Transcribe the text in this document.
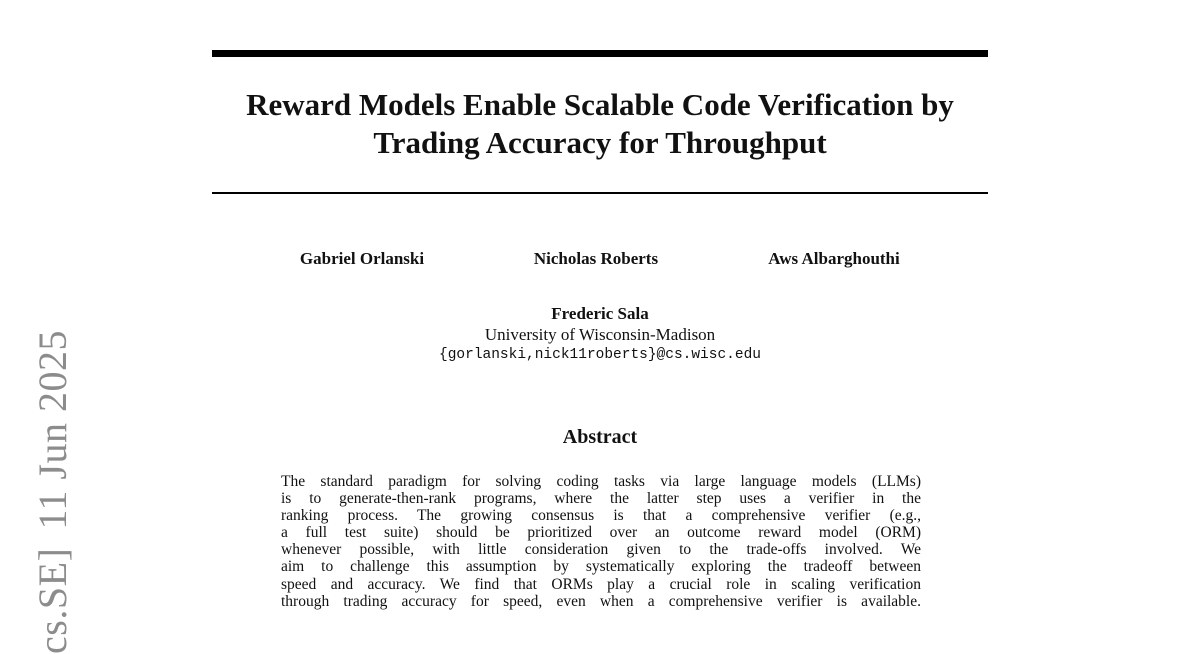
cs.SE]11 Jun 2025
Reward Models Enable Scalable Code Verification by
Trading Accuracy for Throughput
Gabriel Orlanski	Nicholas Roberts	Aws Albarghouthi
Frederic Sala
University of Wisconsin-Madison
{gorlanski,nick11roberts}@cs.wisc.edu
Abstract
The standard paradigm for solving coding tasks via large language models (LLMs)
is to generate-then-rank programs, where the latter step uses a verifier in the
ranking process. The growing consensus is that a comprehensive verifier (e.g.,
a full test suite) should be prioritized over an outcome reward model (ORM)
whenever possible, with little consideration given to the trade-offs involved. We
aim to challenge this assumption by systematically exploring the tradeoff between
speed and accuracy. We find that ORMs play a crucial role in scaling verification
through trading accuracy for speed, even when a comprehensive verifier is available.
